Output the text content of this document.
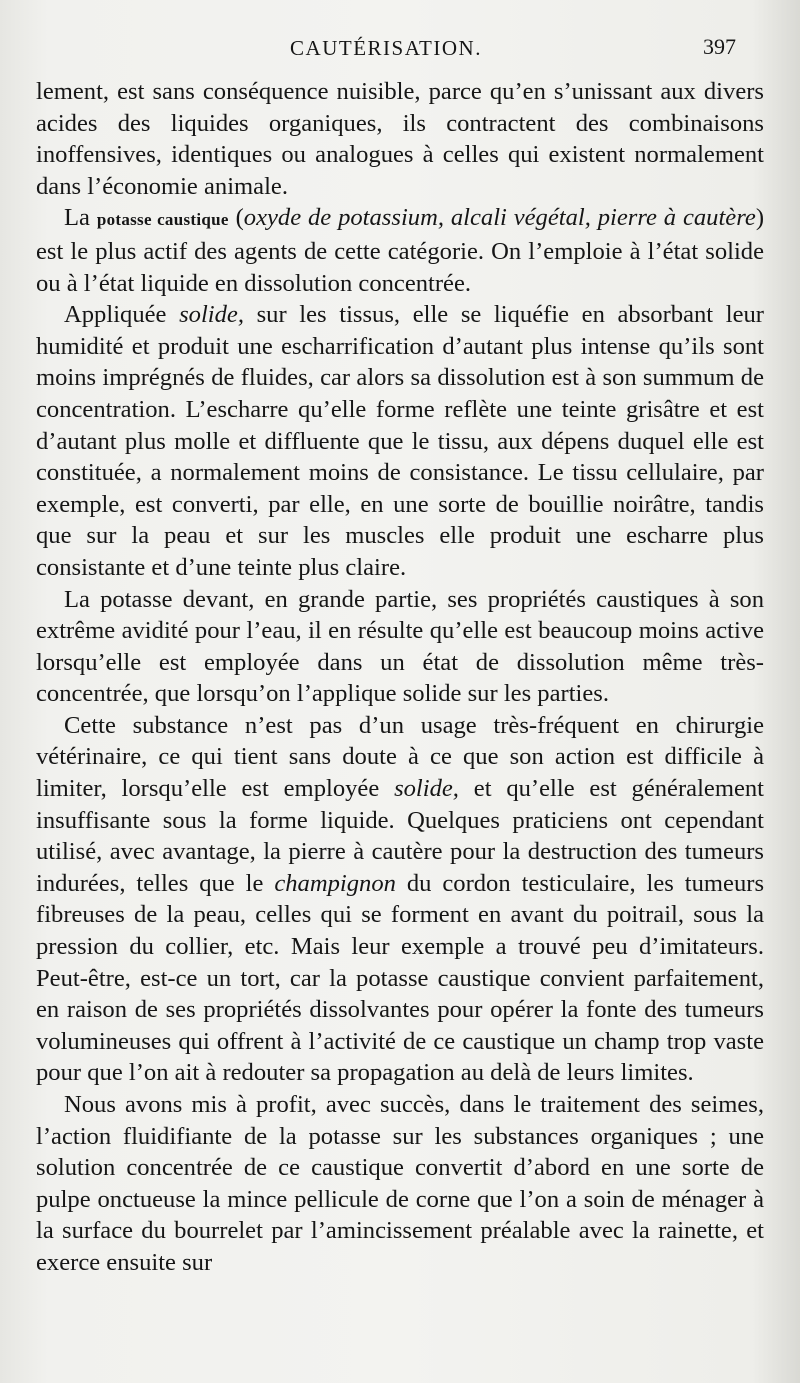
CAUTÉRISATION.	397

lement, est sans conséquence nuisible, parce qu’en s’unissant aux divers acides des liquides organiques, ils contractent des combinaisons inoffensives, identiques ou analogues à celles qui existent normalement dans l’économie animale.

La potasse caustique (oxyde de potassium, alcali végétal, pierre à cautère) est le plus actif des agents de cette catégorie. On l’emploie à l’état solide ou à l’état liquide en dissolution concentrée.

Appliquée solide, sur les tissus, elle se liquéfie en absorbant leur humidité et produit une escharrification d’autant plus intense qu’ils sont moins imprégnés de fluides, car alors sa dissolution est à son summum de concentration. L’escharre qu’elle forme reflète une teinte grisâtre et est d’autant plus molle et diffluente que le tissu, aux dépens duquel elle est constituée, a normalement moins de consistance. Le tissu cellulaire, par exemple, est converti, par elle, en une sorte de bouillie noirâtre, tandis que sur la peau et sur les muscles elle produit une escharre plus consistante et d’une teinte plus claire.

La potasse devant, en grande partie, ses propriétés caustiques à son extrême avidité pour l’eau, il en résulte qu’elle est beaucoup moins active lorsqu’elle est employée dans un état de dissolution même très-concentrée, que lorsqu’on l’applique solide sur les parties.

Cette substance n’est pas d’un usage très-fréquent en chirurgie vétérinaire, ce qui tient sans doute à ce que son action est difficile à limiter, lorsqu’elle est employée solide, et qu’elle est généralement insuffisante sous la forme liquide. Quelques praticiens ont cependant utilisé, avec avantage, la pierre à cautère pour la destruction des tumeurs indurées, telles que le champignon du cordon testiculaire, les tumeurs fibreuses de la peau, celles qui se forment en avant du poitrail, sous la pression du collier, etc. Mais leur exemple a trouvé peu d’imitateurs. Peut-être, est-ce un tort, car la potasse caustique convient parfaitement, en raison de ses propriétés dissolvantes pour opérer la fonte des tumeurs volumineuses qui offrent à l’activité de ce caustique un champ trop vaste pour que l’on ait à redouter sa propagation au delà de leurs limites.

Nous avons mis à profit, avec succès, dans le traitement des seimes, l’action fluidifiante de la potasse sur les substances organiques ; une solution concentrée de ce caustique convertit d’abord en une sorte de pulpe onctueuse la mince pellicule de corne que l’on a soin de ménager à la surface du bourrelet par l’amincissement préalable avec la rainette, et exerce ensuite sur
